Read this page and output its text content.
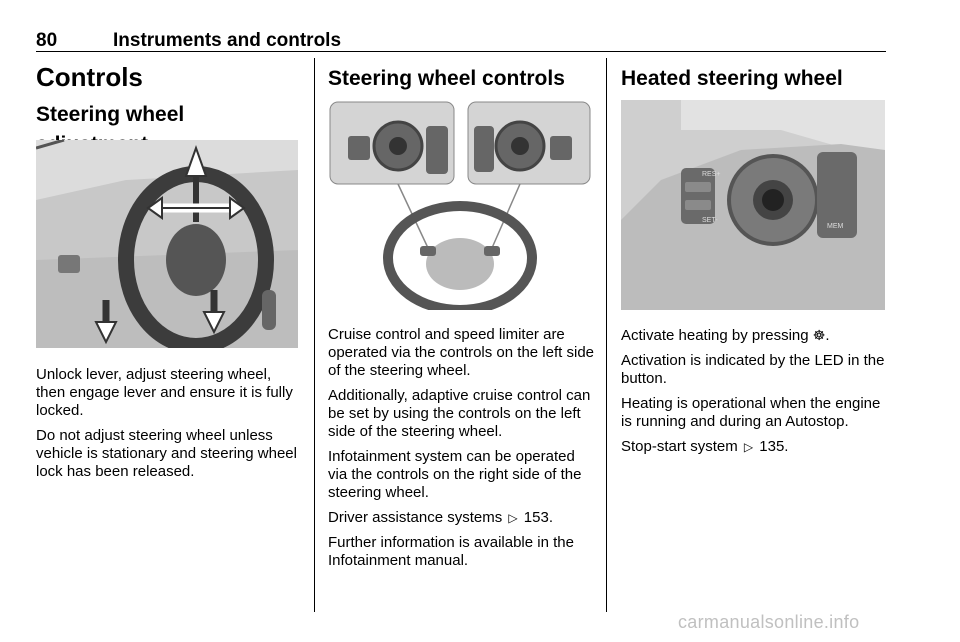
80	Instruments and controls
Controls
Steering wheel

Unlock lever, adjust steering wheel, then engage lever and ensure it is fully locked.

Do not adjust steering wheel unless vehicle is stationary and steering wheel lock has been released.

Steering wheel controls

Cruise control and speed limiter are operated via the controls on the left side of the steering wheel.

Additionally, adaptive cruise control can be set by using the controls on the left side of the steering wheel.

Infotainment system can be operated via the controls on the right side of the steering wheel.

Driver assistance systems ▷ 153.

Further information is available in the Infotainment manual.

Heated steering wheel
RES+
SET-
MEM

Activate heating by pressing ☸.

Activation is indicated by the LED in the button.

Heating is operational when the engine is running and during an Autostop.

Stop-start system ▷ 135.

carmanualsonline.info
